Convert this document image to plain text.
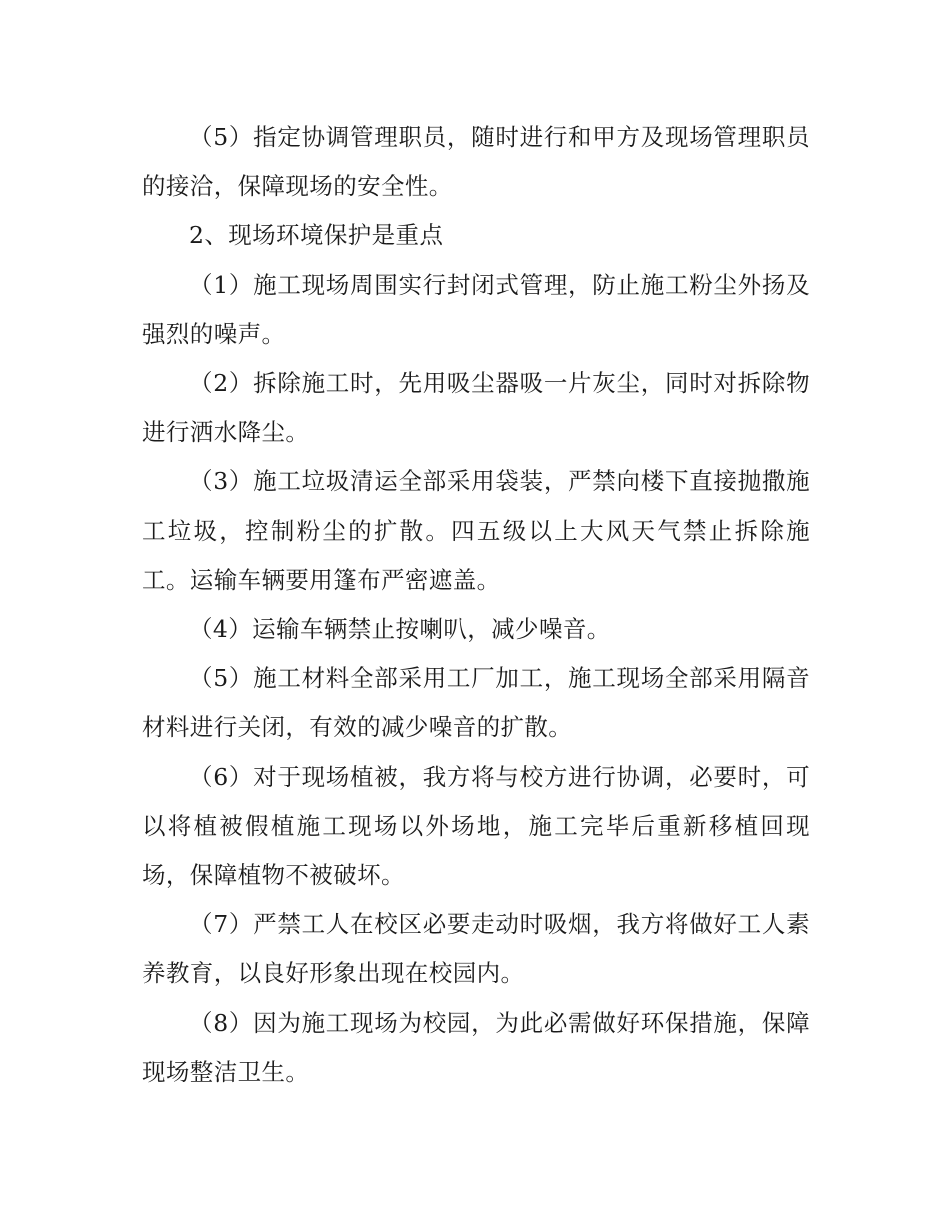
（5）指定协调管理职员，随时进行和甲方及现场管理职员的接洽，保障现场的安全性。

2、现场环境保护是重点

（1）施工现场周围实行封闭式管理，防止施工粉尘外扬及强烈的噪声。

（2）拆除施工时，先用吸尘器吸一片灰尘，同时对拆除物进行洒水降尘。

（3）施工垃圾清运全部采用袋装，严禁向楼下直接抛撒施工垃圾，控制粉尘的扩散。四五级以上大风天气禁止拆除施工。运输车辆要用篷布严密遮盖。

（4）运输车辆禁止按喇叭，减少噪音。

（5）施工材料全部采用工厂加工，施工现场全部采用隔音材料进行关闭，有效的减少噪音的扩散。

（6）对于现场植被，我方将与校方进行协调，必要时，可以将植被假植施工现场以外场地，施工完毕后重新移植回现场，保障植物不被破坏。

（7）严禁工人在校区必要走动时吸烟，我方将做好工人素养教育，以良好形象出现在校园内。

（8）因为施工现场为校园，为此必需做好环保措施，保障现场整洁卫生。
